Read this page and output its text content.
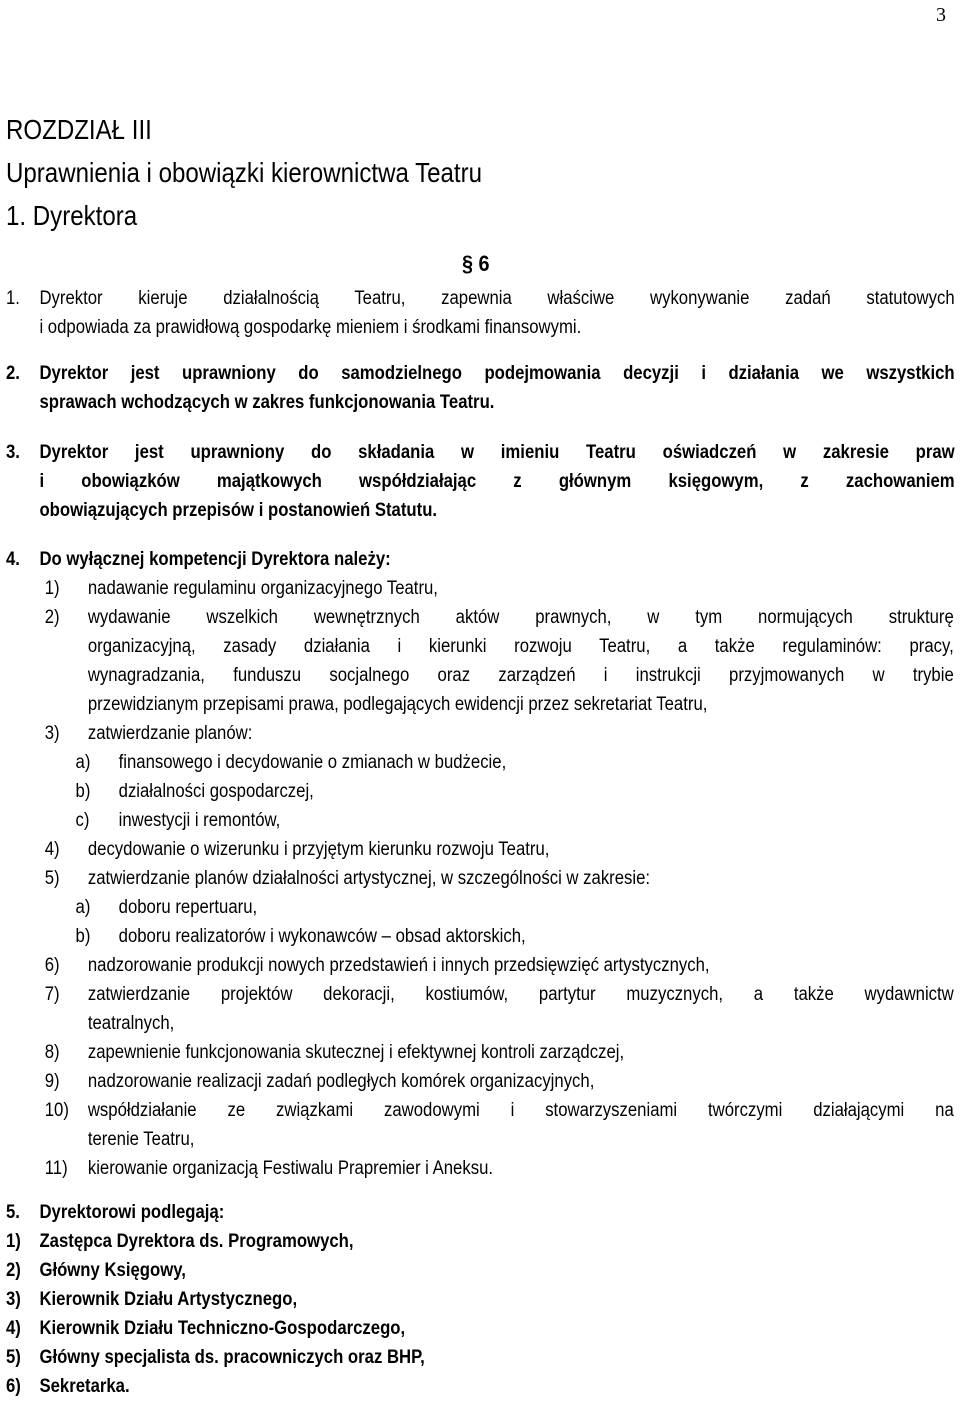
3
ROZDZIAŁ III
Uprawnienia i obowiązki kierownictwa Teatru
1. Dyrektora
§ 6
1. Dyrektor kieruje działalnością Teatru, zapewnia właściwe wykonywanie zadań statutowych
i odpowiada za prawidłową gospodarkę mieniem i środkami finansowymi.
2. Dyrektor jest uprawniony do samodzielnego podejmowania decyzji i działania we wszystkich
sprawach wchodzących w zakres funkcjonowania Teatru.
3. Dyrektor jest uprawniony do składania w imieniu Teatru oświadczeń w zakresie praw
i obowiązków majątkowych współdziałając z głównym księgowym, z zachowaniem
obowiązujących przepisów i postanowień Statutu.
4. Do wyłącznej kompetencji Dyrektora należy:
1) nadawanie regulaminu organizacyjnego Teatru,
2) wydawanie wszelkich wewnętrznych aktów prawnych, w tym normujących strukturę
organizacyjną, zasady działania i kierunki rozwoju Teatru, a także regulaminów: pracy,
wynagradzania, funduszu socjalnego oraz zarządzeń i instrukcji przyjmowanych w trybie
przewidzianym przepisami prawa, podlegających ewidencji przez sekretariat Teatru,
3) zatwierdzanie planów:
a) finansowego i decydowanie o zmianach w budżecie,
b) działalności gospodarczej,
c) inwestycji i remontów,
4) decydowanie o wizerunku i przyjętym kierunku rozwoju Teatru,
5) zatwierdzanie planów działalności artystycznej, w szczególności w zakresie:
a) doboru repertuaru,
b) doboru realizatorów i wykonawców – obsad aktorskich,
6) nadzorowanie produkcji nowych przedstawień i innych przedsięwzięć artystycznych,
7) zatwierdzanie projektów dekoracji, kostiumów, partytur muzycznych, a także wydawnictw
teatralnych,
8) zapewnienie funkcjonowania skutecznej i efektywnej kontroli zarządczej,
9) nadzorowanie realizacji zadań podległych komórek organizacyjnych,
10) współdziałanie ze związkami zawodowymi i stowarzyszeniami twórczymi działającymi na
terenie Teatru,
11) kierowanie organizacją Festiwalu Prapremier i Aneksu.
5. Dyrektorowi podlegają:
1) Zastępca Dyrektora ds. Programowych,
2) Główny Księgowy,
3) Kierownik Działu Artystycznego,
4) Kierownik Działu Techniczno-Gospodarczego,
5) Główny specjalista ds. pracowniczych oraz BHP,
6) Sekretarka.
